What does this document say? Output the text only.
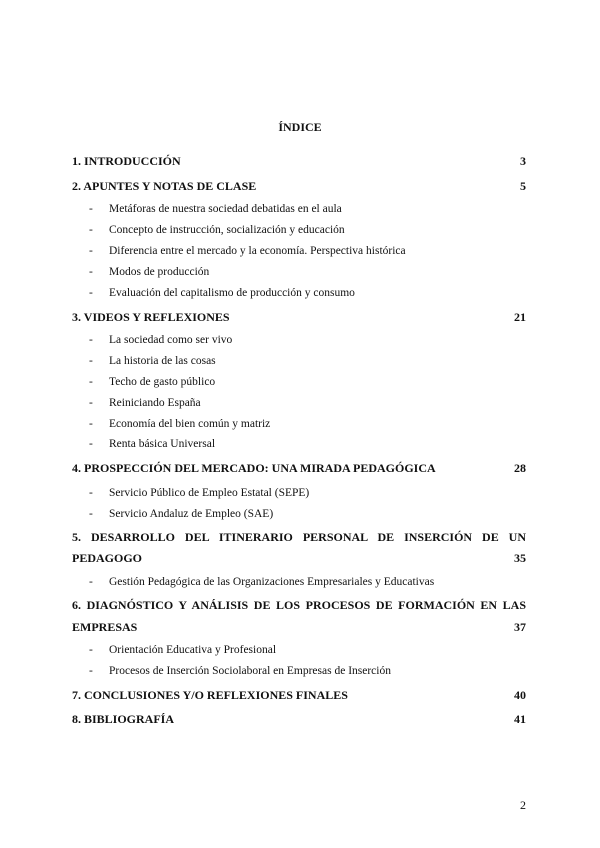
ÍNDICE
1. INTRODUCCIÓN	3
2. APUNTES Y NOTAS DE CLASE	5
- Metáforas de nuestra sociedad debatidas en el aula
- Concepto de instrucción, socialización y educación
- Diferencia entre el mercado y la economía. Perspectiva histórica
- Modos de producción
- Evaluación del capitalismo de producción y consumo
3. VIDEOS Y REFLEXIONES	21
- La sociedad como ser vivo
- La historia de las cosas
- Techo de gasto público
- Reiniciando España
- Economía del bien común y matriz
- Renta básica Universal
4. PROSPECCIÓN DEL MERCADO: UNA MIRADA PEDAGÓGICA	28
- Servicio Público de Empleo Estatal (SEPE)
- Servicio Andaluz de Empleo (SAE)
5. DESARROLLO DEL ITINERARIO PERSONAL DE INSERCIÓN DE UN
PEDAGOGO	35
- Gestión Pedagógica de las Organizaciones Empresariales y Educativas
6. DIAGNÓSTICO Y ANÁLISIS DE LOS PROCESOS DE FORMACIÓN EN LAS
EMPRESAS	37
- Orientación Educativa y Profesional
- Procesos de Inserción Sociolaboral en Empresas de Inserción
7. CONCLUSIONES Y/O REFLEXIONES FINALES	40
8. BIBLIOGRAFÍA	41
2
